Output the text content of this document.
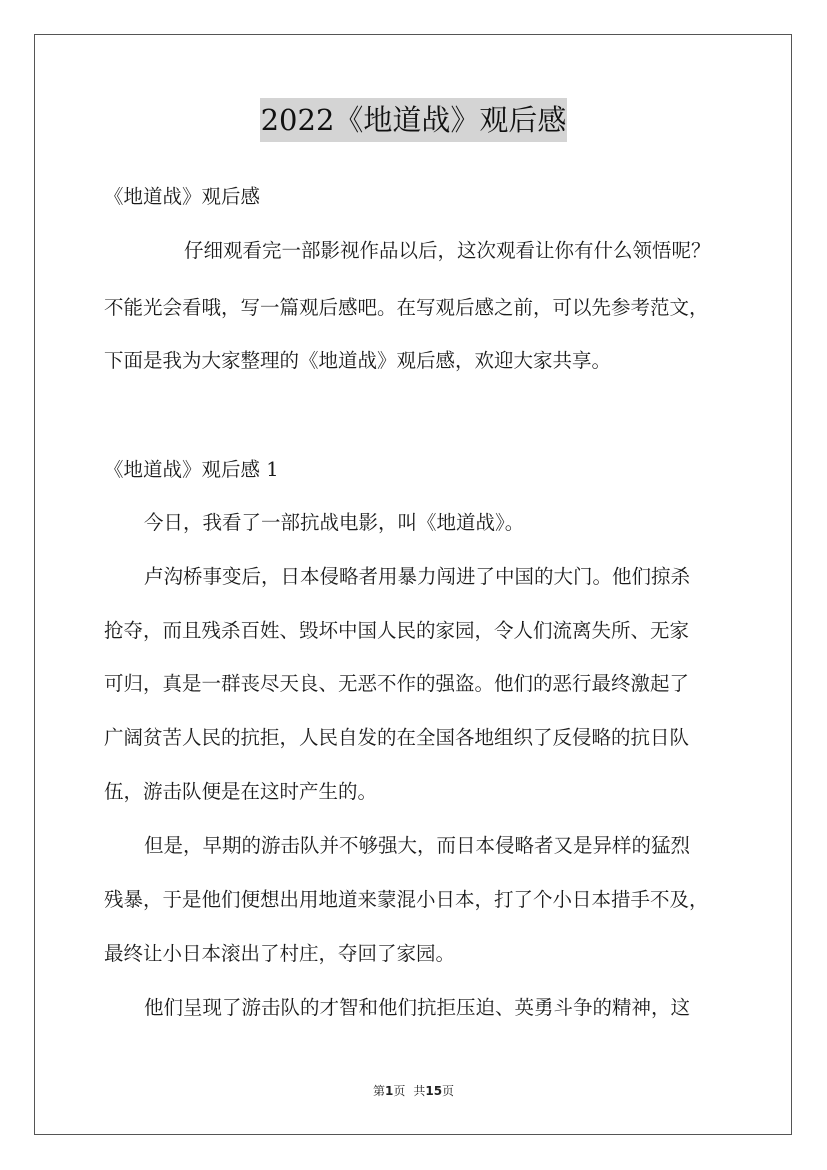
2022《地道战》观后感
《地道战》观后感
仔细观看完一部影视作品以后，这次观看让你有什么领悟呢？
不能光会看哦，写一篇观后感吧。在写观后感之前，可以先参考范文，
下面是我为大家整理的《地道战》观后感，欢迎大家共享。
《地道战》观后感 1
今日，我看了一部抗战电影，叫《地道战》。
卢沟桥事变后，日本侵略者用暴力闯进了中国的大门。他们掠杀
抢夺，而且残杀百姓、毁坏中国人民的家园，令人们流离失所、无家
可归，真是一群丧尽天良、无恶不作的强盗。他们的恶行最终激起了
广阔贫苦人民的抗拒，人民自发的在全国各地组织了反侵略的抗日队
伍，游击队便是在这时产生的。
但是，早期的游击队并不够强大，而日本侵略者又是异样的猛烈
残暴，于是他们便想出用地道来蒙混小日本，打了个小日本措手不及，
最终让小日本滚出了村庄，夺回了家园。
他们呈现了游击队的才智和他们抗拒压迫、英勇斗争的精神，这
第1页 共15页
